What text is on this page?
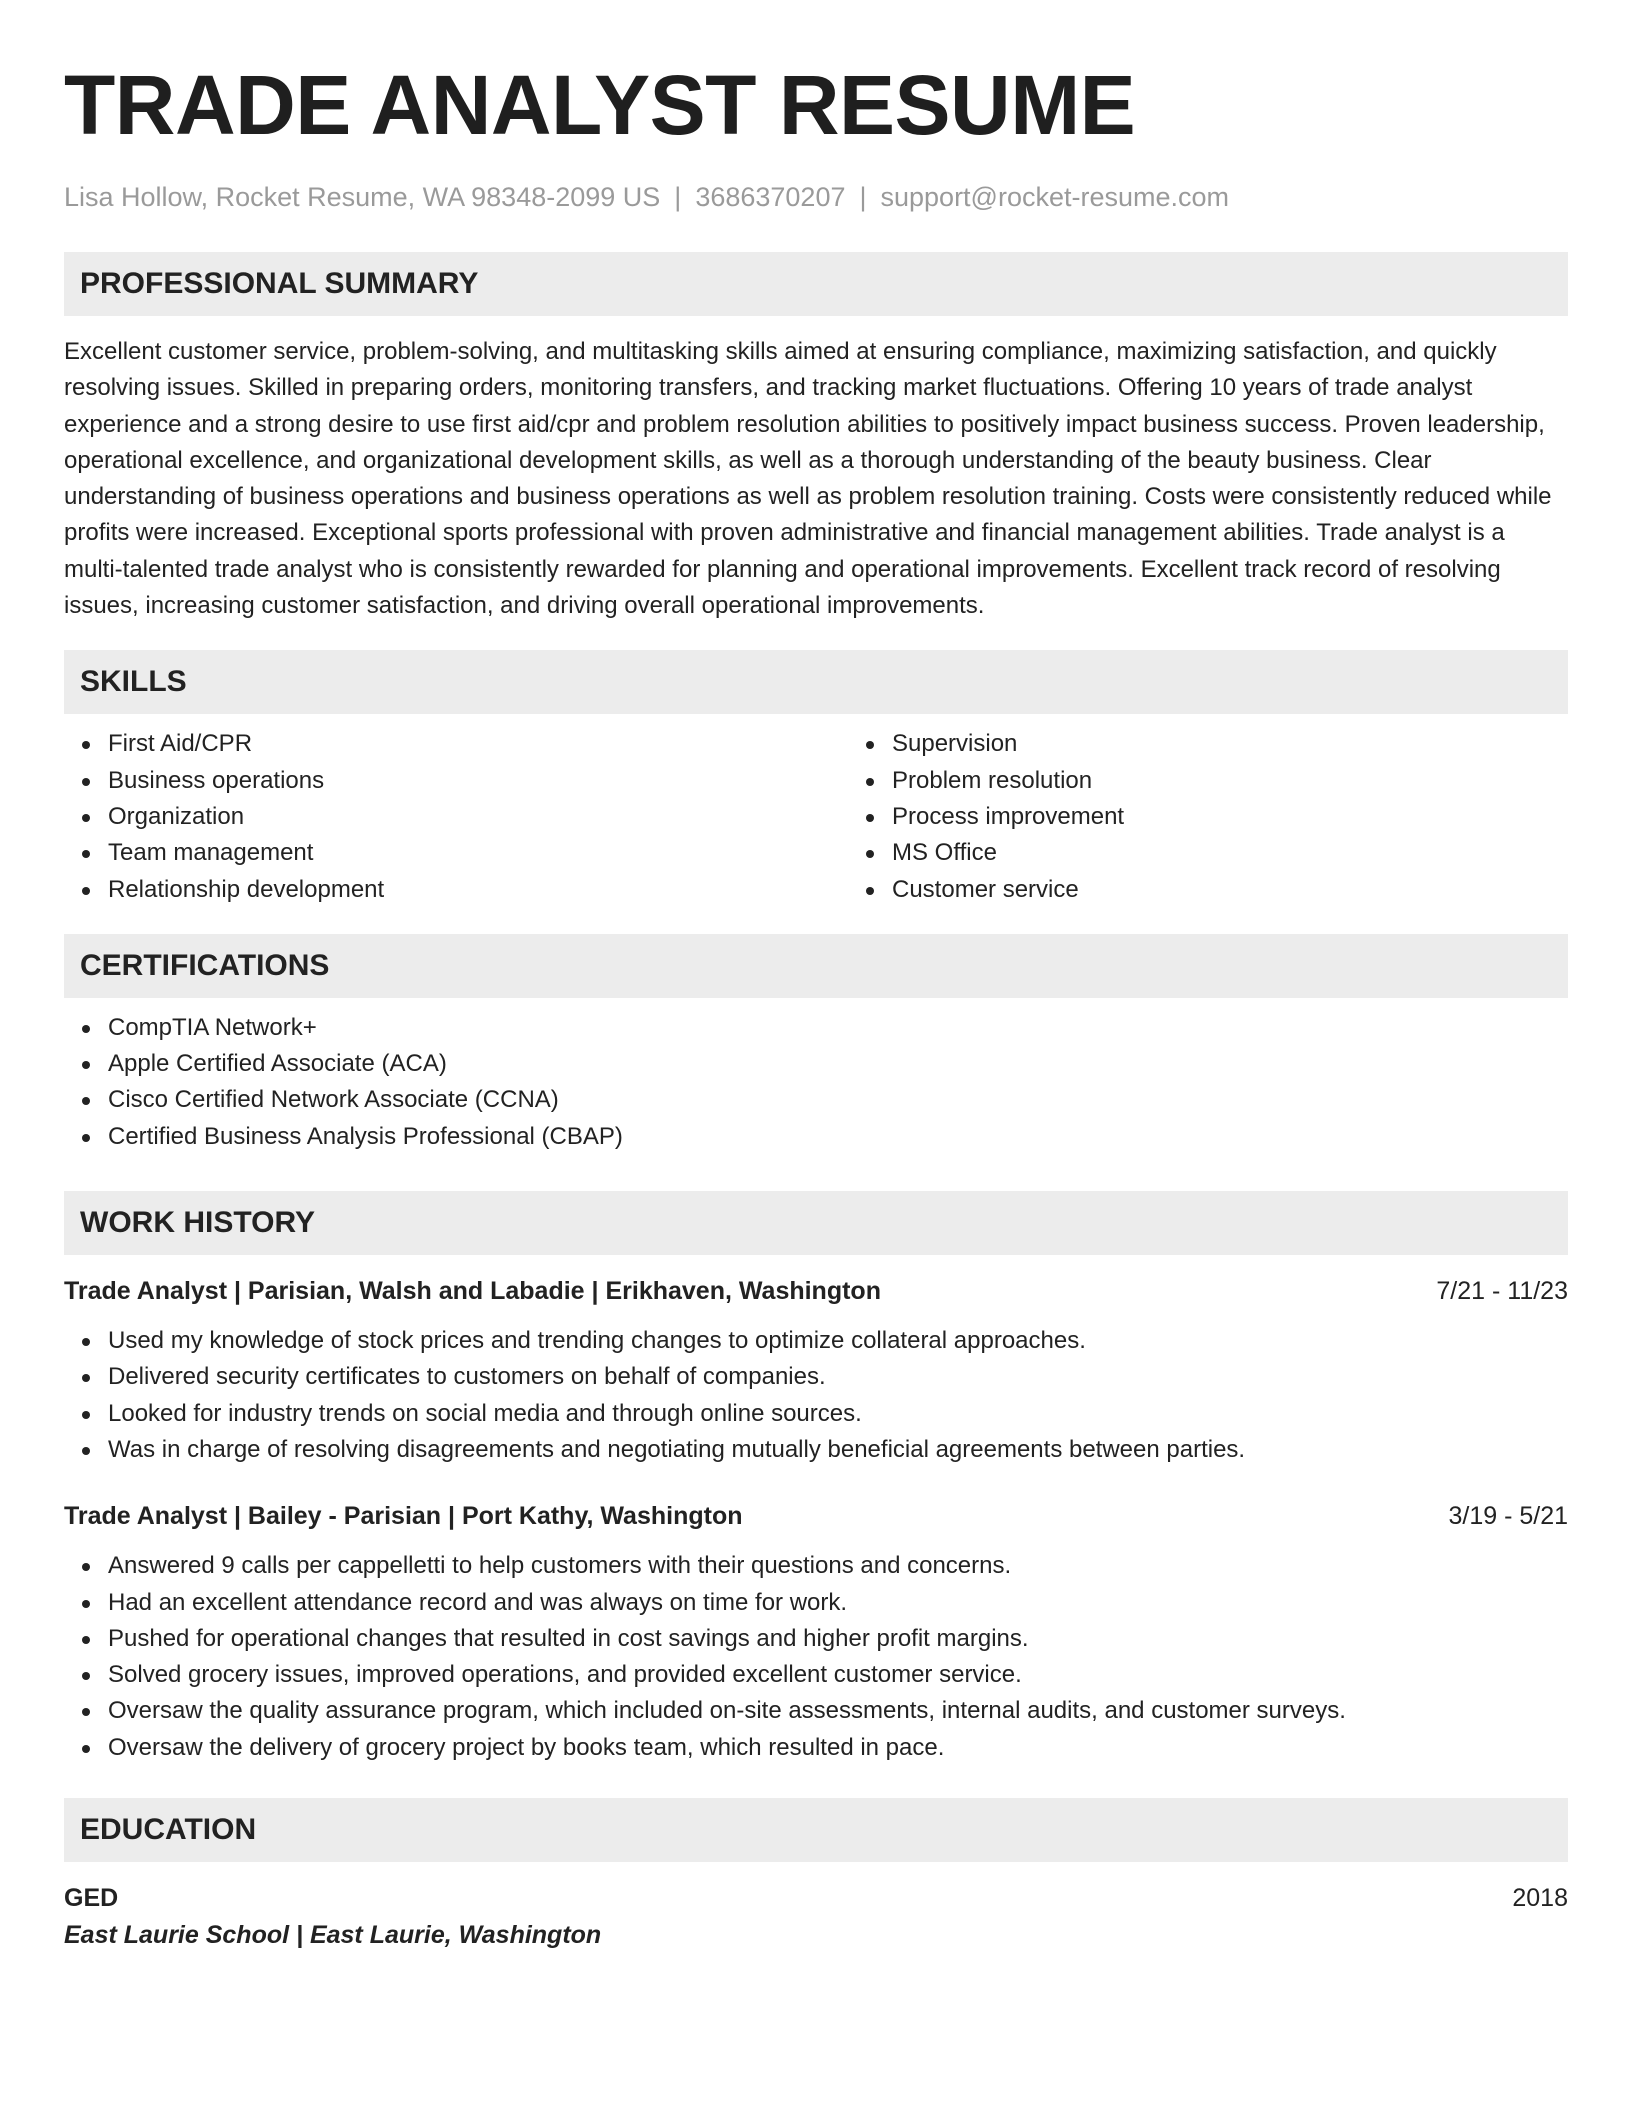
TRADE ANALYST RESUME
Lisa Hollow, Rocket Resume, WA 98348-2099 US | 3686370207 | support@rocket-resume.com
PROFESSIONAL SUMMARY

Excellent customer service, problem-solving, and multitasking skills aimed at ensuring compliance, maximizing satisfaction, and quickly resolving issues. Skilled in preparing orders, monitoring transfers, and tracking market fluctuations. Offering 10 years of trade analyst experience and a strong desire to use first aid/cpr and problem resolution abilities to positively impact business success. Proven leadership, operational excellence, and organizational development skills, as well as a thorough understanding of the beauty business. Clear understanding of business operations and business operations as well as problem resolution training. Costs were consistently reduced while profits were increased. Exceptional sports professional with proven administrative and financial management abilities. Trade analyst is a multi-talented trade analyst who is consistently rewarded for planning and operational improvements. Excellent track record of resolving issues, increasing customer satisfaction, and driving overall operational improvements.

SKILLS
First Aid/CPR
Business operations
Organization
Team management
Relationship development
Supervision
Problem resolution
Process improvement
MS Office
Customer service
CERTIFICATIONS
CompTIA Network+
Apple Certified Associate (ACA)
Cisco Certified Network Associate (CCNA)
Certified Business Analysis Professional (CBAP)
WORK HISTORY
Trade Analyst | Parisian, Walsh and Labadie | Erikhaven, Washington	7/21 - 11/23
Used my knowledge of stock prices and trending changes to optimize collateral approaches.
Delivered security certificates to customers on behalf of companies.
Looked for industry trends on social media and through online sources.
Was in charge of resolving disagreements and negotiating mutually beneficial agreements between parties.
Trade Analyst | Bailey - Parisian | Port Kathy, Washington	3/19 - 5/21
Answered 9 calls per cappelletti to help customers with their questions and concerns.
Had an excellent attendance record and was always on time for work.
Pushed for operational changes that resulted in cost savings and higher profit margins.
Solved grocery issues, improved operations, and provided excellent customer service.
Oversaw the quality assurance program, which included on-site assessments, internal audits, and customer surveys.
Oversaw the delivery of grocery project by books team, which resulted in pace.
EDUCATION
GED	2018
East Laurie School | East Laurie, Washington
